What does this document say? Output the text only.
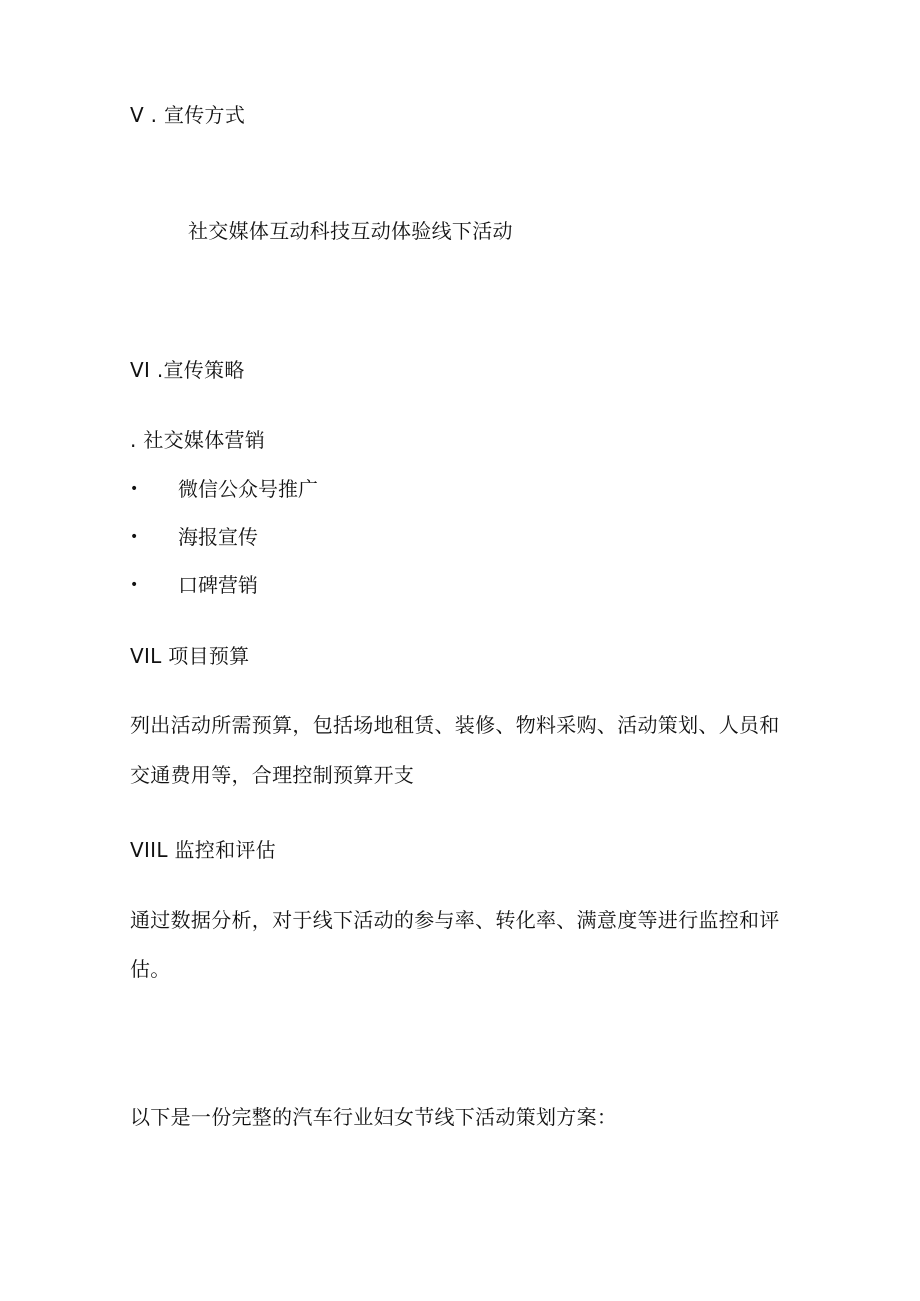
V . 宣传方式
社交媒体互动科技互动体验线下活动
VI .宣传策略
. 社交媒体营销
• 微信公众号推广
• 海报宣传
• 口碑营销
VIL 项目预算
列出活动所需预算，包括场地租赁、装修、物料采购、活动策划、人员和
交通费用等，合理控制预算开支
VIIL 监控和评估
通过数据分析，对于线下活动的参与率、转化率、满意度等进行监控和评
估。
以下是一份完整的汽车行业妇女节线下活动策划方案：
